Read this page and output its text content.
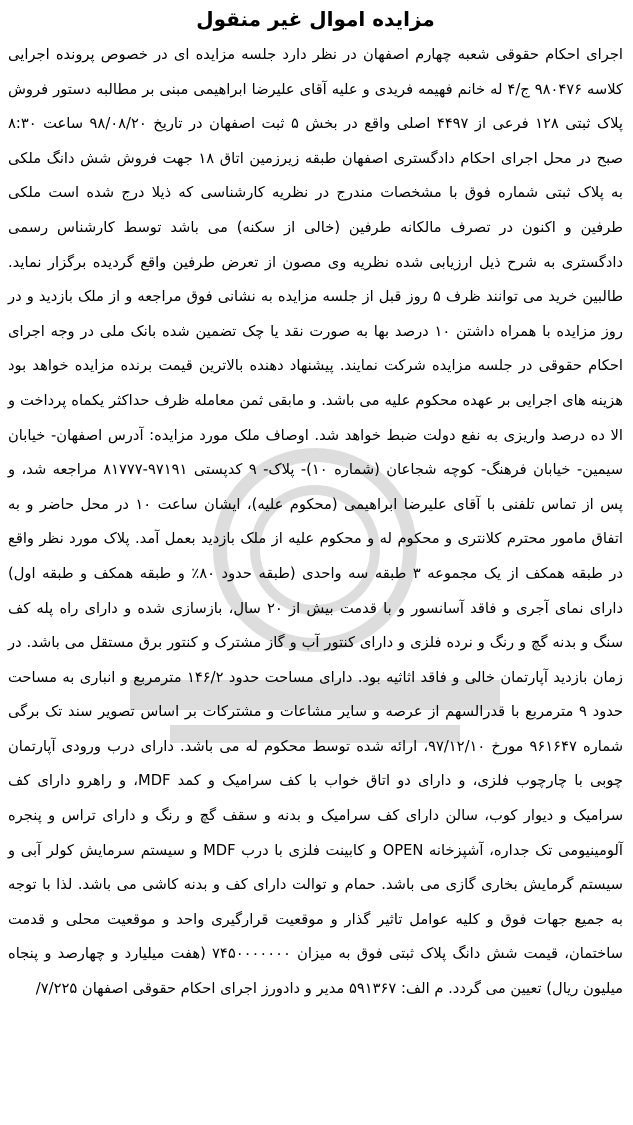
مزایده اموال غیر منقول

اجرای احکام حقوقی شعبه چهارم اصفهان در نظر دارد جلسه مزایده ای در خصوص پرونده اجرایی کلاسه ۹۸۰۴۷۶ ج/۴ له خانم فهیمه فریدی و علیه آقای علیرضا ابراهیمی مبنی بر مطالبه دستور فروش پلاک ثبتی ۱۲۸ فرعی از ۴۴۹۷ اصلی واقع در بخش ۵ ثبت اصفهان در تاریخ ۹۸/۰۸/۲۰ ساعت ۸:۳۰ صبح در محل اجرای احکام دادگستری اصفهان طبقه زیرزمین اتاق ۱۸ جهت فروش شش دانگ ملکی به پلاک ثبتی شماره فوق با مشخصات مندرج در نظریه کارشناسی که ذیلا درج شده است ملکی طرفین و اکنون در تصرف مالکانه طرفین (خالی از سکنه) می باشد توسط کارشناس رسمی دادگستری به شرح ذیل ارزیابی شده نظریه وی مصون از تعرض طرفین واقع گردیده برگزار نماید. طالبین خرید می توانند ظرف ۵ روز قبل از جلسه مزایده به نشانی فوق مراجعه و از ملک بازدید و در روز مزایده با همراه داشتن ۱۰ درصد بها به صورت نقد یا چک تضمین شده بانک ملی در وجه اجرای احکام حقوقی در جلسه مزایده شرکت نمایند. پیشنهاد دهنده بالاترین قیمت برنده مزایده خواهد بود هزینه های اجرایی بر عهده محکوم علیه می باشد. و مابقی ثمن معامله ظرف حداکثر یکماه پرداخت و الا ده درصد واریزی به نفع دولت ضبط خواهد شد. اوصاف ملک مورد مزایده: آدرس اصفهان- خیابان سیمین- خیابان فرهنگ- کوچه شجاعان (شماره ۱۰)- پلاک- ۹ کدپستی ۹۷۱۹۱-۸۱۷۷۷ مراجعه شد، و پس از تماس تلفنی با آقای علیرضا ابراهیمی (محکوم علیه)، ایشان ساعت ۱۰ در محل حاضر و به اتفاق مامور محترم کلانتری و محکوم له و محکوم علیه از ملک بازدید بعمل آمد. پلاک مورد نظر واقع در طبقه همکف از یک مجموعه ۳ طبقه سه واحدی (طبقه حدود ۸۰٪ و طبقه همکف و طبقه اول) دارای نمای آجری و فاقد آسانسور و با قدمت بیش از ۲۰ سال، بازسازی شده و دارای راه پله کف سنگ و بدنه گچ و رنگ و نرده فلزی و دارای کنتور آب و گاز مشترک و کنتور برق مستقل می باشد. در زمان بازدید آپارتمان خالی و فاقد اثاثیه بود. دارای مساحت حدود ۱۴۶/۲ مترمربع و انباری به مساحت حدود ۹ مترمربع با قدرالسهم از عرصه و سایر مشاعات و مشترکات بر اساس تصویر سند تک برگی شماره ۹۶۱۶۴۷ مورخ ۹۷/۱۲/۱۰، ارائه شده توسط محکوم له می باشد. دارای درب ورودی آپارتمان چوبی با چارچوب فلزی، و دارای دو اتاق خواب با کف سرامیک و کمد MDF، و راهرو دارای کف سرامیک و دیوار کوب، سالن دارای کف سرامیک و بدنه و سقف گچ و رنگ و دارای تراس و پنجره آلومینیومی تک جداره، آشپزخانه OPEN و کابینت فلزی با درب MDF و سیستم سرمایش کولر آبی و سیستم گرمایش بخاری گازی می باشد. حمام و توالت دارای کف و بدنه کاشی می باشد. لذا با توجه به جمیع جهات فوق و کلیه عوامل تاثیر گذار و موقعیت قرارگیری واحد و موقعیت محلی و قدمت ساختمان، قیمت شش دانگ پلاک ثبتی فوق به میزان ۷۴۵۰۰۰۰۰۰۰ (هفت میلیارد و چهارصد و پنجاه میلیون ریال) تعیین می گردد. م الف: ۵۹۱۳۶۷ مدیر و دادورز اجرای احکام حقوقی اصفهان ۷/۲۲۵/
